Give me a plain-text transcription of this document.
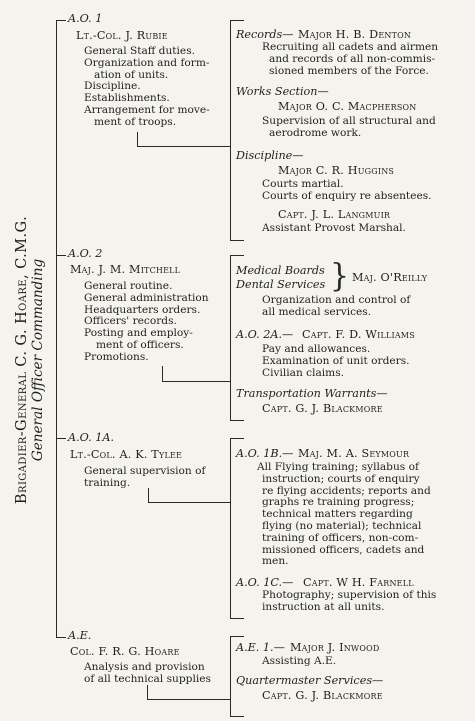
Brigadier-General C. G. Hoare, C.M.G. General Officer Commanding
A.O. 1
Lt.-Col. J. Rubie
General Staff duties.
Organization and form-
ation of units.
Discipline.
Establishments.
Arrangement for move-
ment of troops.
Records— Major H. B. Denton
Recruiting all cadets and airmen
and records of all non-commis-
sioned members of the Force.
Works Section—
Major O. C. Macpherson
Supervision of all structural and
aerodrome work.
Discipline—
Major C. R. Huggins
Courts martial.
Courts of enquiry re absentees.
Capt. J. L. Langmuir
Assistant Provost Marshal.
A.O. 2
Maj. J. M. Mitchell
General routine.
General administration
Headquarters orders.
Officers' records.
Posting and employ-
ment of officers.
Promotions.
Medical Boards
Dental Services } Maj. O'Reilly
Organization and control of
all medical services.
A.O. 2A.— Capt. F. D. Williams
Pay and allowances.
Examination of unit orders.
Civilian claims.
Transportation Warrants—
Capt. G. J. Blackmore
A.O. 1A.
Lt.-Col. A. K. Tylee
General supervision of
training.
A.O. 1B.— Maj. M. A. Seymour
All Flying training; syllabus of
instruction; courts of enquiry
re flying accidents; reports and
graphs re training progress;
technical matters regarding
flying (no material); technical
training of officers, non-com-
missioned officers, cadets and
men.
A.O. 1C.— Capt. W H. Farnell
Photography; supervision of this
instruction at all units.
A.E.
Col. F. R. G. Hoare
Analysis and provision
of all technical supplies
A.E. 1.— Major J. Inwood
Assisting A.E.
Quartermaster Services—
Capt. G. J. Blackmore
